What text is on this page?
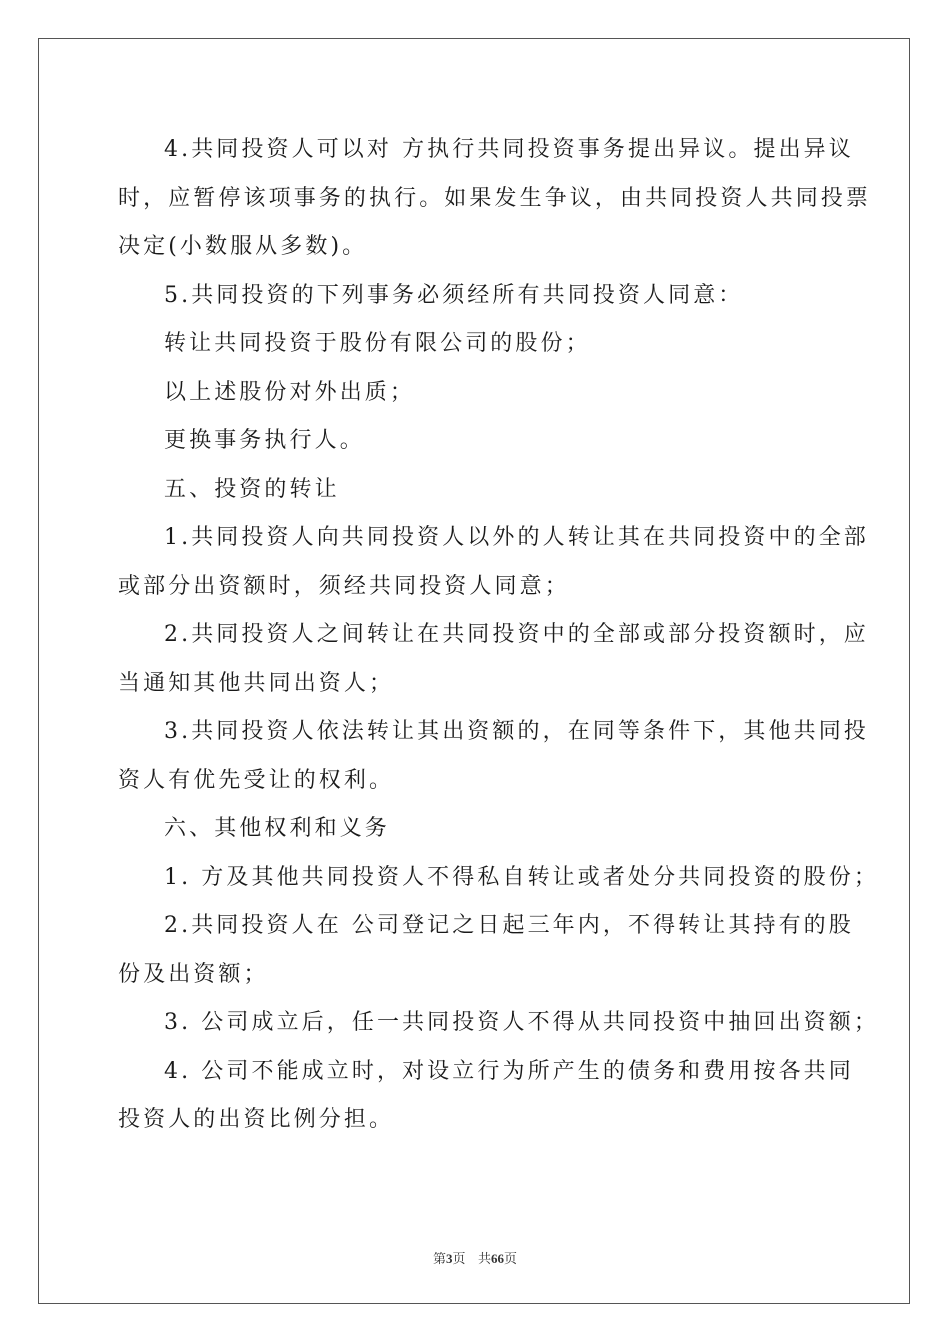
4.共同投资人可以对 方执行共同投资事务提出异议。提出异议
时，应暂停该项事务的执行。如果发生争议，由共同投资人共同投票
决定(小数服从多数)。
5.共同投资的下列事务必须经所有共同投资人同意：
转让共同投资于股份有限公司的股份；
以上述股份对外出质；
更换事务执行人。
五、投资的转让
1.共同投资人向共同投资人以外的人转让其在共同投资中的全部
或部分出资额时，须经共同投资人同意；
2.共同投资人之间转让在共同投资中的全部或部分投资额时，应
当通知其他共同出资人；
3.共同投资人依法转让其出资额的，在同等条件下，其他共同投
资人有优先受让的权利。
六、其他权利和义务
1. 方及其他共同投资人不得私自转让或者处分共同投资的股份；
2.共同投资人在 公司登记之日起三年内，不得转让其持有的股
份及出资额；
3. 公司成立后，任一共同投资人不得从共同投资中抽回出资额；
4. 公司不能成立时，对设立行为所产生的债务和费用按各共同
投资人的出资比例分担。
第3页 共66页
